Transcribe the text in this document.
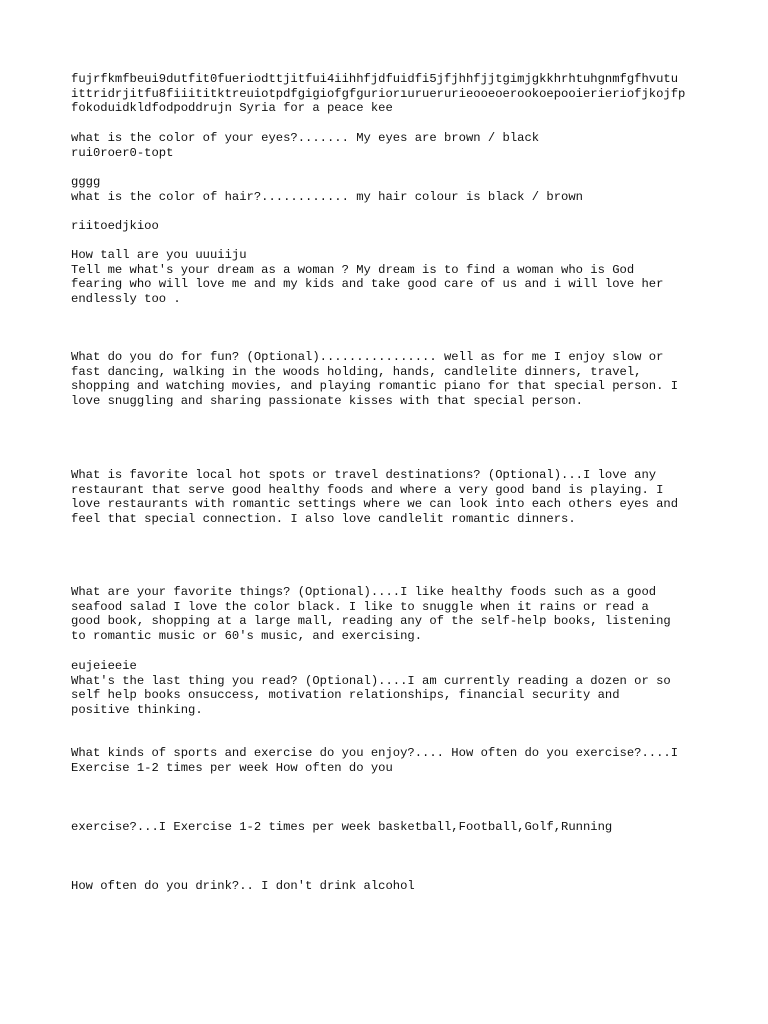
fujrfkmfbeui9dutfit0fueriodttjitfui4iihhfjdfuidfi5jfjhhfjjtgimjgkkhrhtuhgnmfgfhvutu
ittridrjitfu8fiiititktreuiotpdfgigiofgfguriorıuruerurieooeoerookoepooierieriofjkojfp
fokoduidkldfodpoddrujn Syria for a peace kee

what is the color of your eyes?....... My eyes are brown / black
rui0roer0-topt

gggg
what is the color of hair?............ my hair colour is black / brown

riitoedjkioo

How tall are you uuuiiju
Tell me what's your dream as a woman ? My dream is to find a woman who is God
fearing who will love me and my kids and take good care of us and i will love her
endlessly too .

What do you do for fun? (Optional)................ well as for me I enjoy slow or
fast dancing, walking in the woods holding, hands, candlelite dinners, travel,
shopping and watching movies, and playing romantic piano for that special person. I
love snuggling and sharing passionate kisses with that special person.

What is favorite local hot spots or travel destinations? (Optional)...I love any
restaurant that serve good healthy foods and where a very good band is playing. I
love restaurants with romantic settings where we can look into each others eyes and
feel that special connection. I also love candlelit romantic dinners.

What are your favorite things? (Optional)....I like healthy foods such as a good
seafood salad I love the color black. I like to snuggle when it rains or read a
good book, shopping at a large mall, reading any of the self-help books, listening
to romantic music or 60's music, and exercising.

eujeieeie
What's the last thing you read? (Optional)....I am currently reading a dozen or so
self help books onsuccess, motivation relationships, financial security and
positive thinking.

What kinds of sports and exercise do you enjoy?.... How often do you exercise?....I
Exercise 1-2 times per week How often do you

exercise?...I Exercise 1-2 times per week basketball,Football,Golf,Running

How often do you drink?.. I don't drink alcohol
